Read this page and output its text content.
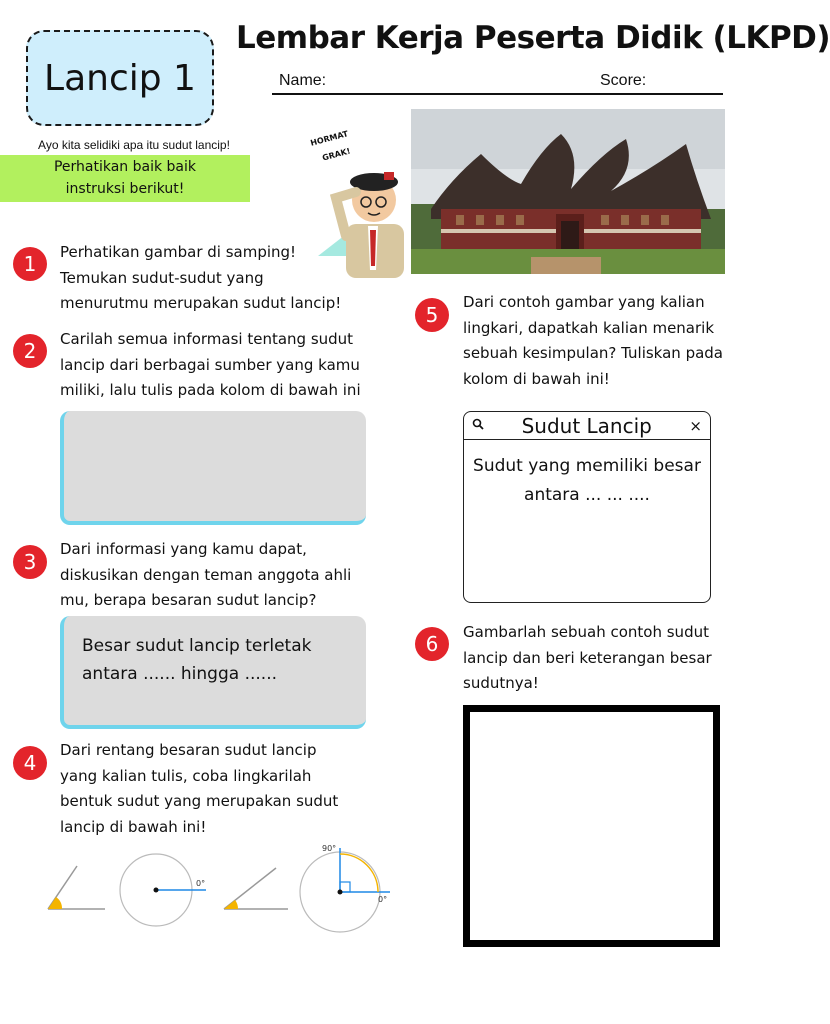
Lancip 1
Lembar Kerja Peserta Didik (LKPD)
Name:	Score:
Ayo kita selidiki apa itu sudut lancip!
Perhatikan baik baik
instruksi berikut!
HORMAT
GRAK!
1	Perhatikan gambar di samping!
Temukan sudut-sudut yang
menurutmu merupakan sudut lancip!
2	Carilah semua informasi tentang sudut
lancip dari berbagai sumber yang kamu
miliki, lalu tulis pada kolom di bawah ini
3
Dari informasi yang kamu dapat,
diskusikan dengan teman anggota ahli
mu, berapa besaran sudut lancip?
Besar sudut lancip terletak
antara ...... hingga ......
4
Dari rentang besaran sudut lancip
yang kalian tulis, coba lingkarilah
bentuk sudut yang merupakan sudut
lancip di bawah ini!
0°
90°
0°
5
Dari contoh gambar yang kalian
lingkari, dapatkah kalian menarik
sebuah kesimpulan? Tuliskan pada
kolom di bawah ini!
Sudut Lancip	×
Sudut yang memiliki besar
antara ... ... ....
6	Gambarlah sebuah contoh sudut
lancip dan beri keterangan besar
sudutnya!
